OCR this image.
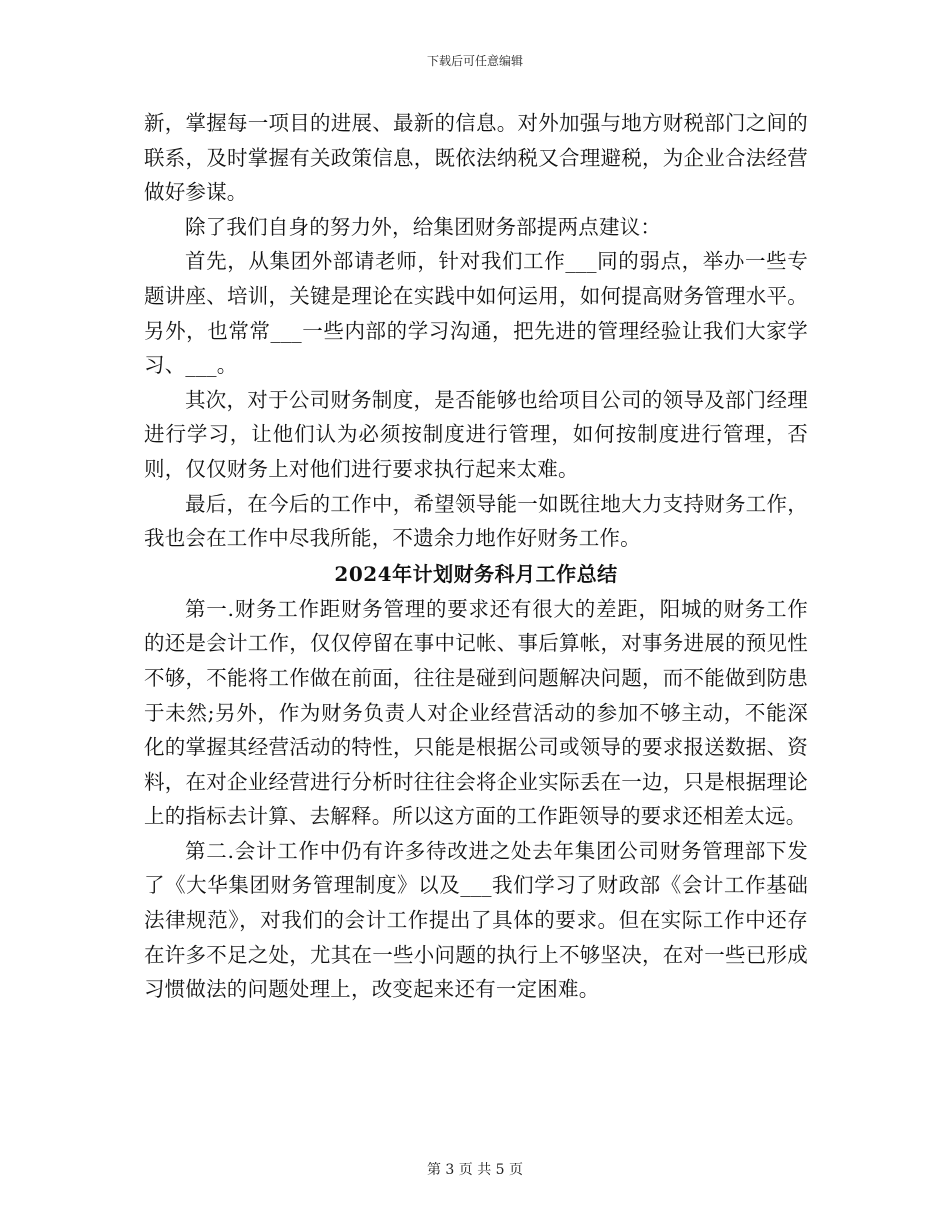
下载后可任意编辑

新，掌握每一项目的进展、最新的信息。对外加强与地方财税部门之间的联系，及时掌握有关政策信息，既依法纳税又合理避税，为企业合法经营做好参谋。

除了我们自身的努力外，给集团财务部提两点建议：

首先，从集团外部请老师，针对我们工作___同的弱点，举办一些专题讲座、培训，关键是理论在实践中如何运用，如何提高财务管理水平。另外，也常常___一些内部的学习沟通，把先进的管理经验让我们大家学习、___。

其次，对于公司财务制度，是否能够也给项目公司的领导及部门经理进行学习，让他们认为必须按制度进行管理，如何按制度进行管理，否则，仅仅财务上对他们进行要求执行起来太难。

最后，在今后的工作中，希望领导能一如既往地大力支持财务工作，我也会在工作中尽我所能，不遗余力地作好财务工作。

2024年计划财务科月工作总结

第一.财务工作距财务管理的要求还有很大的差距，阳城的财务工作的还是会计工作，仅仅停留在事中记帐、事后算帐，对事务进展的预见性不够，不能将工作做在前面，往往是碰到问题解决问题，而不能做到防患于未然;另外，作为财务负责人对企业经营活动的参加不够主动，不能深化的掌握其经营活动的特性，只能是根据公司或领导的要求报送数据、资料，在对企业经营进行分析时往往会将企业实际丢在一边，只是根据理论上的指标去计算、去解释。所以这方面的工作距领导的要求还相差太远。

第二.会计工作中仍有许多待改进之处去年集团公司财务管理部下发了《大华集团财务管理制度》以及___我们学习了财政部《会计工作基础法律规范》，对我们的会计工作提出了具体的要求。但在实际工作中还存在许多不足之处，尤其在一些小问题的执行上不够坚决，在对一些已形成习惯做法的问题处理上，改变起来还有一定困难。

第 3 页 共 5 页
